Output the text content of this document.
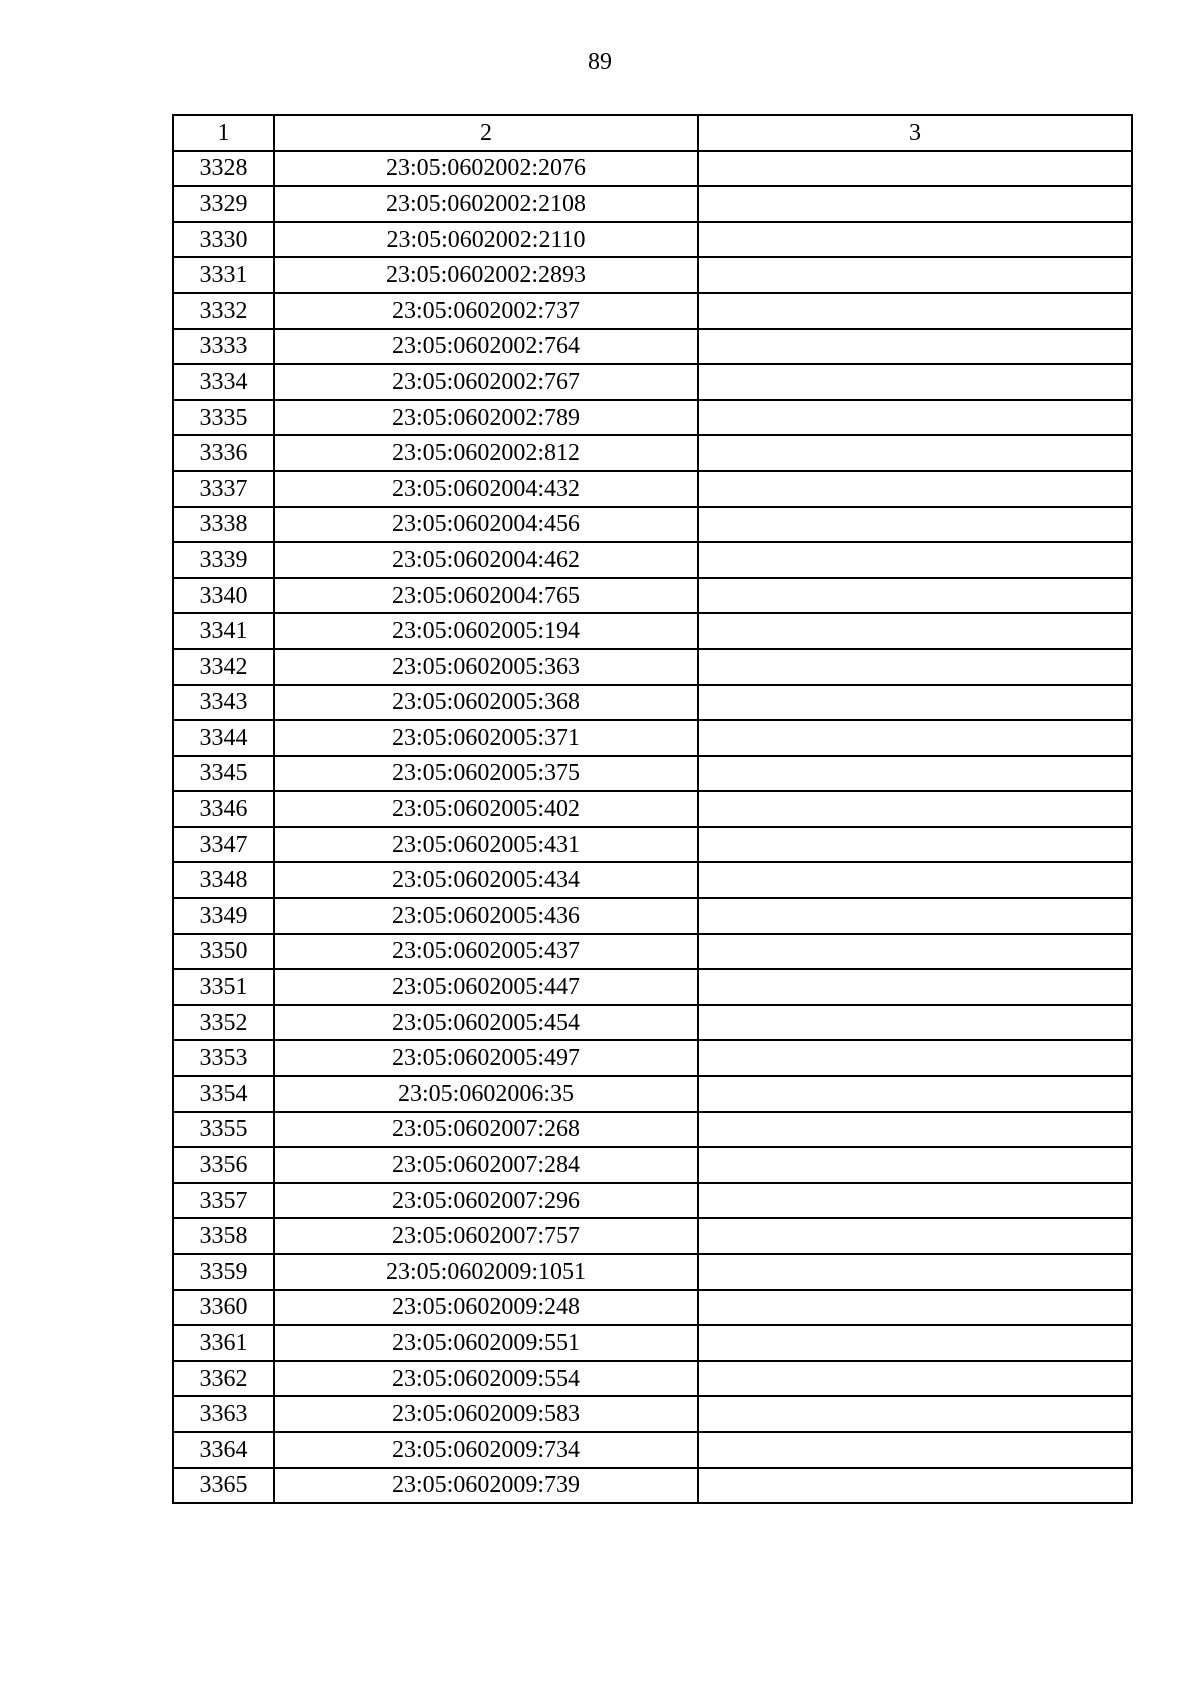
89
1	2	3
3328	23:05:0602002:2076	
3329	23:05:0602002:2108	
3330	23:05:0602002:2110	
3331	23:05:0602002:2893	
3332	23:05:0602002:737	
3333	23:05:0602002:764	
3334	23:05:0602002:767	
3335	23:05:0602002:789	
3336	23:05:0602002:812	
3337	23:05:0602004:432	
3338	23:05:0602004:456	
3339	23:05:0602004:462	
3340	23:05:0602004:765	
3341	23:05:0602005:194	
3342	23:05:0602005:363	
3343	23:05:0602005:368	
3344	23:05:0602005:371	
3345	23:05:0602005:375	
3346	23:05:0602005:402	
3347	23:05:0602005:431	
3348	23:05:0602005:434	
3349	23:05:0602005:436	
3350	23:05:0602005:437	
3351	23:05:0602005:447	
3352	23:05:0602005:454	
3353	23:05:0602005:497	
3354	23:05:0602006:35	
3355	23:05:0602007:268	
3356	23:05:0602007:284	
3357	23:05:0602007:296	
3358	23:05:0602007:757	
3359	23:05:0602009:1051	
3360	23:05:0602009:248	
3361	23:05:0602009:551	
3362	23:05:0602009:554	
3363	23:05:0602009:583	
3364	23:05:0602009:734	
3365	23:05:0602009:739	
